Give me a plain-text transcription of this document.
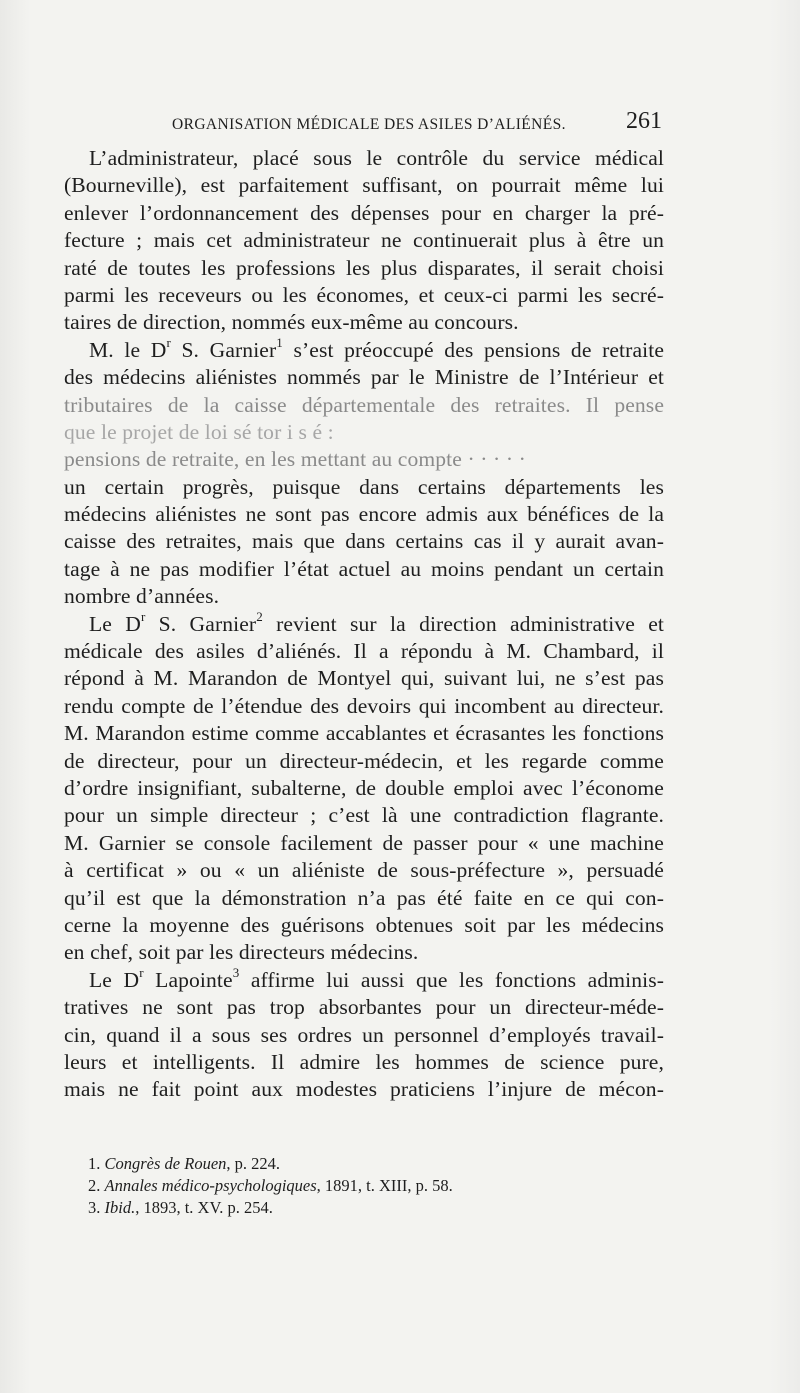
ORGANISATION MÉDICALE DES ASILES D’ALIÉNÉS.	261
L’administrateur, placé sous le contrôle du service médical
(Bourneville), est parfaitement suffisant, on pourrait même lui
enlever l’ordonnancement des dépenses pour en charger la pré-
fecture ; mais cet administrateur ne continuerait plus à être un
raté de toutes les professions les plus disparates, il serait choisi
parmi les receveurs ou les économes, et ceux-ci parmi les secré-
taires de direction, nommés eux-même au concours.
M. le $D^r$ S. Garnier$^1$ s’est préoccupé des pensions de retraite
des médecins aliénistes nommés par le Ministre de l’Intérieur et
tributaires de la caisse départementale des retraites. Il pense
que le projet de loi sé tor i s é :
pensions de retraite, en les mettant au compte · · · · ·
un certain progrès, puisque dans certains départements les
médecins aliénistes ne sont pas encore admis aux bénéfices de la
caisse des retraites, mais que dans certains cas il y aurait avan-
tage à ne pas modifier l’état actuel au moins pendant un certain
nombre d’années.
Le $D^r$ S. Garnier$^2$ revient sur la direction administrative et
médicale des asiles d’aliénés. Il a répondu à M. Chambard, il
répond à M. Marandon de Montyel qui, suivant lui, ne s’est pas
rendu compte de l’étendue des devoirs qui incombent au directeur.
M. Marandon estime comme accablantes et écrasantes les fonctions
de directeur, pour un directeur-médecin, et les regarde comme
d’ordre insignifiant, subalterne, de double emploi avec l’économe
pour un simple directeur ; c’est là une contradiction flagrante.
M. Garnier se console facilement de passer pour « une machine
à certificat » ou « un aliéniste de sous-préfecture », persuadé
qu’il est que la démonstration n’a pas été faite en ce qui con-
cerne la moyenne des guérisons obtenues soit par les médecins
en chef, soit par les directeurs médecins.
Le $D^r$ Lapointe$^3$ affirme lui aussi que les fonctions adminis-
tratives ne sont pas trop absorbantes pour un directeur-méde-
cin, quand il a sous ses ordres un personnel d’employés travail-
leurs et intelligents. Il admire les hommes de science pure,
mais ne fait point aux modestes praticiens l’injure de mécon-
1. Congrès de Rouen, p. 224.
2. Annales médico-psychologiques, 1891, t. XIII, p. 58.
3. Ibid., 1893, t. XV. p. 254.
